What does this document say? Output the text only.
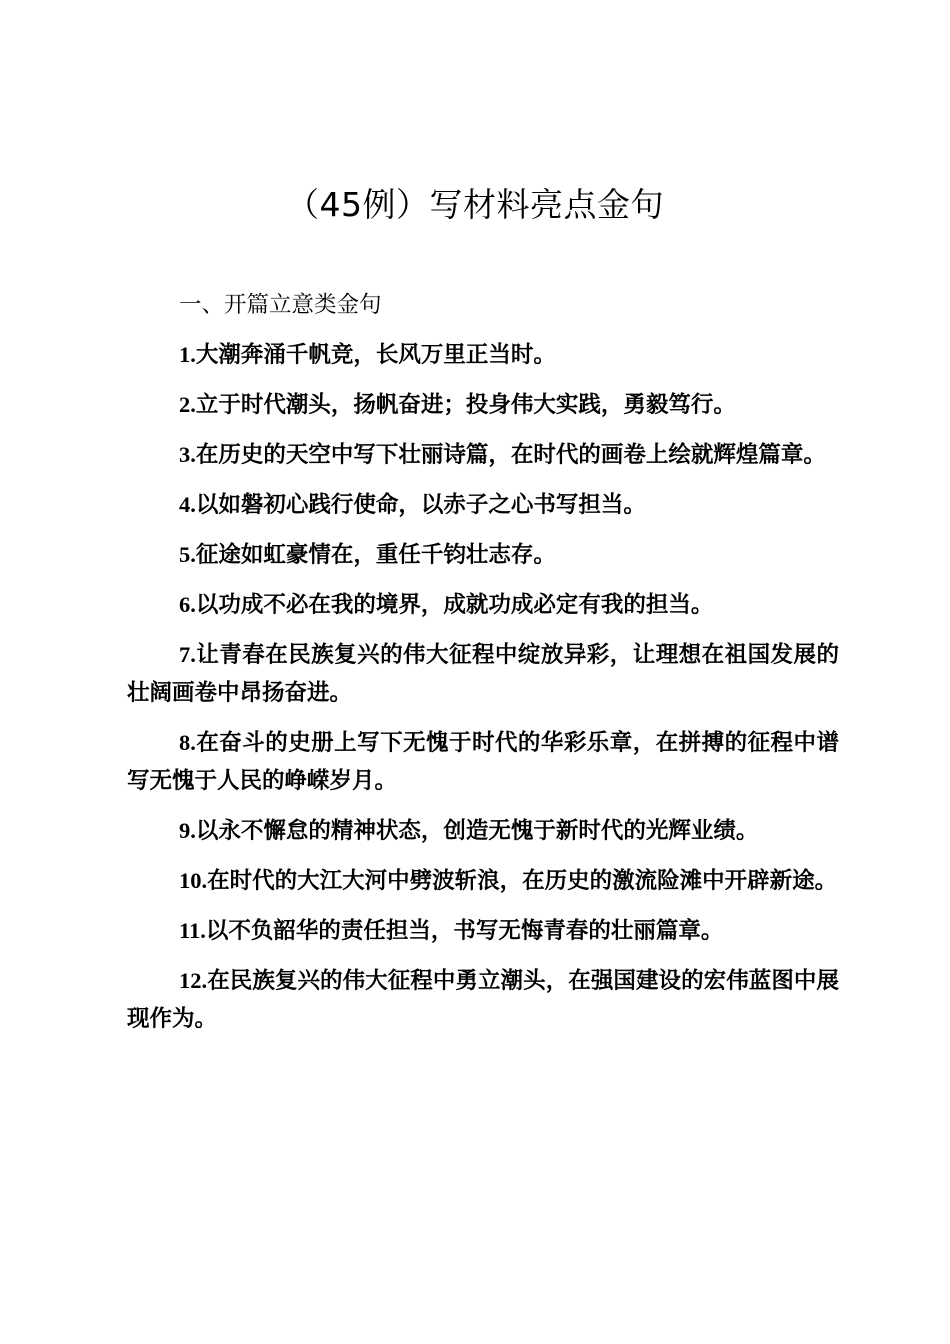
（45例）写材料亮点金句

一、开篇立意类金句

1.大潮奔涌千帆竞，长风万里正当时。
2.立于时代潮头，扬帆奋进；投身伟大实践，勇毅笃行。
3.在历史的天空中写下壮丽诗篇，在时代的画卷上绘就辉煌篇章。
4.以如磐初心践行使命，以赤子之心书写担当。
5.征途如虹豪情在，重任千钧壮志存。
6.以功成不必在我的境界，成就功成必定有我的担当。
7.让青春在民族复兴的伟大征程中绽放异彩，让理想在祖国发展的壮阔画卷中昂扬奋进。
8.在奋斗的史册上写下无愧于时代的华彩乐章，在拼搏的征程中谱写无愧于人民的峥嵘岁月。
9.以永不懈怠的精神状态，创造无愧于新时代的光辉业绩。
10.在时代的大江大河中劈波斩浪，在历史的激流险滩中开辟新途。
11.以不负韶华的责任担当，书写无悔青春的壮丽篇章。
12.在民族复兴的伟大征程中勇立潮头，在强国建设的宏伟蓝图中展现作为。
